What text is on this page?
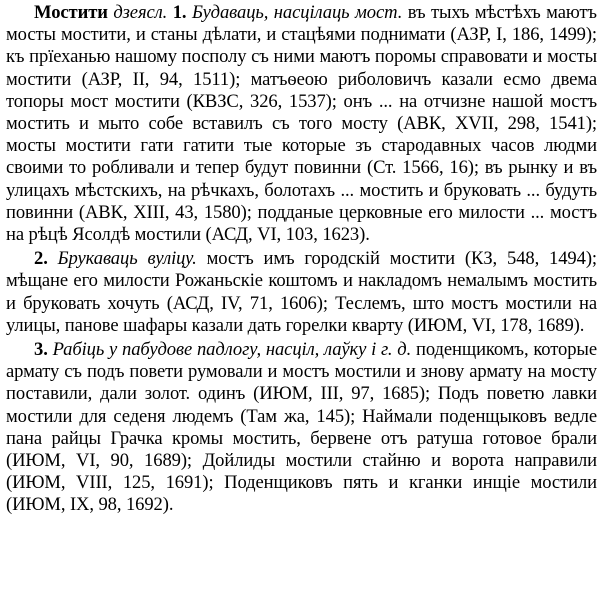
Мостити дзеясл. 1. Будаваць, насцілаць мост. въ тыхъ мѣстѣхъ маютъ мосты мостити, и станы дѣлати, и стацѣями поднимати (АЗР, I, 186, 1499); къ прїеханью нашому посполу съ ними маютъ поромы справовати и мосты мостити (АЗР, II, 94, 1511); матъѳеою риболовичъ казали есмо двема топоры мост мостити (КВЗС, 326, 1537); онъ ... на отчизне нашой мостъ мостить и мыто собе вставилъ съ того мосту (АВК, XVII, 298, 1541); мосты мостити гати гатити тые которые зъ стародавных часов людми своими то робливали и тепер будут повинни (Ст. 1566, 16); въ рынку и въ улицахъ мѣстскихъ, на рѣчкахъ, болотахъ ... мостить и бруковать ... будуть повинни (АВК, XIII, 43, 1580); подданые церковные его милости ... мостъ на рѣцѣ Ясолдѣ мостили (АСД, VI, 103, 1623).

2. Брукаваць вуліцу. мостъ имъ городскій мостити (КЗ, 548, 1494); мѣщане его милости Рожаньскіе коштомъ и накладомъ немалымъ мостить и бруковать хочуть (АСД, IV, 71, 1606); Теслемъ, што мостъ мостили на улицы, панове шафары казали дать горелки кварту (ИЮМ, VI, 178, 1689).

3. Рабіць у пабудове падлогу, насціл, лаўку і г. д. поденщикомъ, которые армату съ подъ повети румовали и мостъ мостили и знову армату на мосту поставили, дали золот. одинъ (ИЮМ, III, 97, 1685); Подъ поветю лавки мостили для седеня людемъ (Там жа, 145); Наймали поденщыковъ ведле пана райцы Грачка кромы мостить, бервене отъ ратуша готовое брали (ИЮМ, VI, 90, 1689); Дойлиды мостили стайню и ворота направили (ИЮМ, VIII, 125, 1691); Поденщиковъ пять и кганки инщіе мостили (ИЮМ, IX, 98, 1692).
